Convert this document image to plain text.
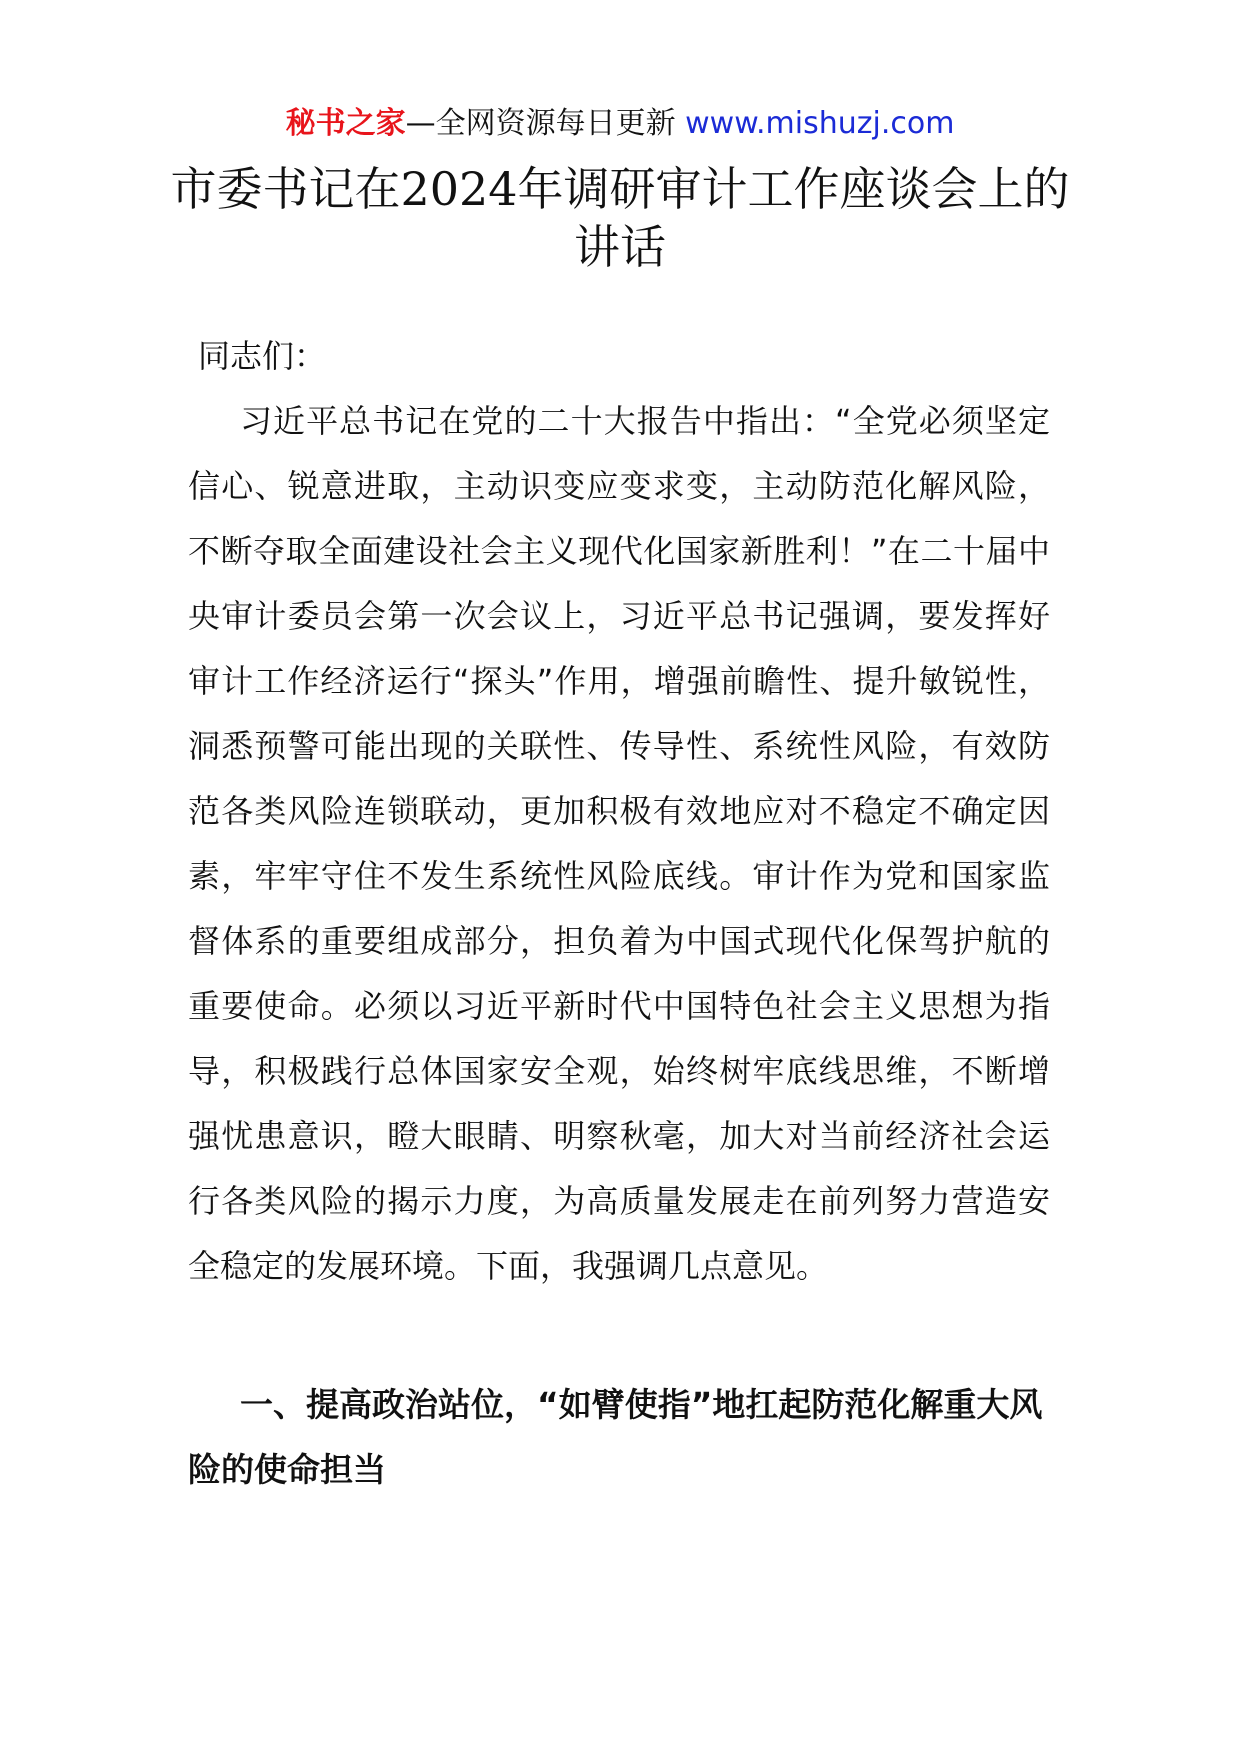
秘书之家—全网资源每日更新 www.mishuzj.com
市委书记在2024年调研审计工作座谈会上的讲话
同志们：
习近平总书记在党的二十大报告中指出：“全党必须坚定信心、锐意进取，主动识变应变求变，主动防范化解风险，不断夺取全面建设社会主义现代化国家新胜利！”在二十届中央审计委员会第一次会议上，习近平总书记强调，要发挥好审计工作经济运行“探头”作用，增强前瞻性、提升敏锐性，洞悉预警可能出现的关联性、传导性、系统性风险，有效防范各类风险连锁联动，更加积极有效地应对不稳定不确定因素，牢牢守住不发生系统性风险底线。审计作为党和国家监督体系的重要组成部分，担负着为中国式现代化保驾护航的重要使命。必须以习近平新时代中国特色社会主义思想为指导，积极践行总体国家安全观，始终树牢底线思维，不断增强忧患意识，瞪大眼睛、明察秋毫，加大对当前经济社会运行各类风险的揭示力度，为高质量发展走在前列努力营造安全稳定的发展环境。下面，我强调几点意见。
一、提高政治站位，“如臂使指”地扛起防范化解重大风险的使命担当
